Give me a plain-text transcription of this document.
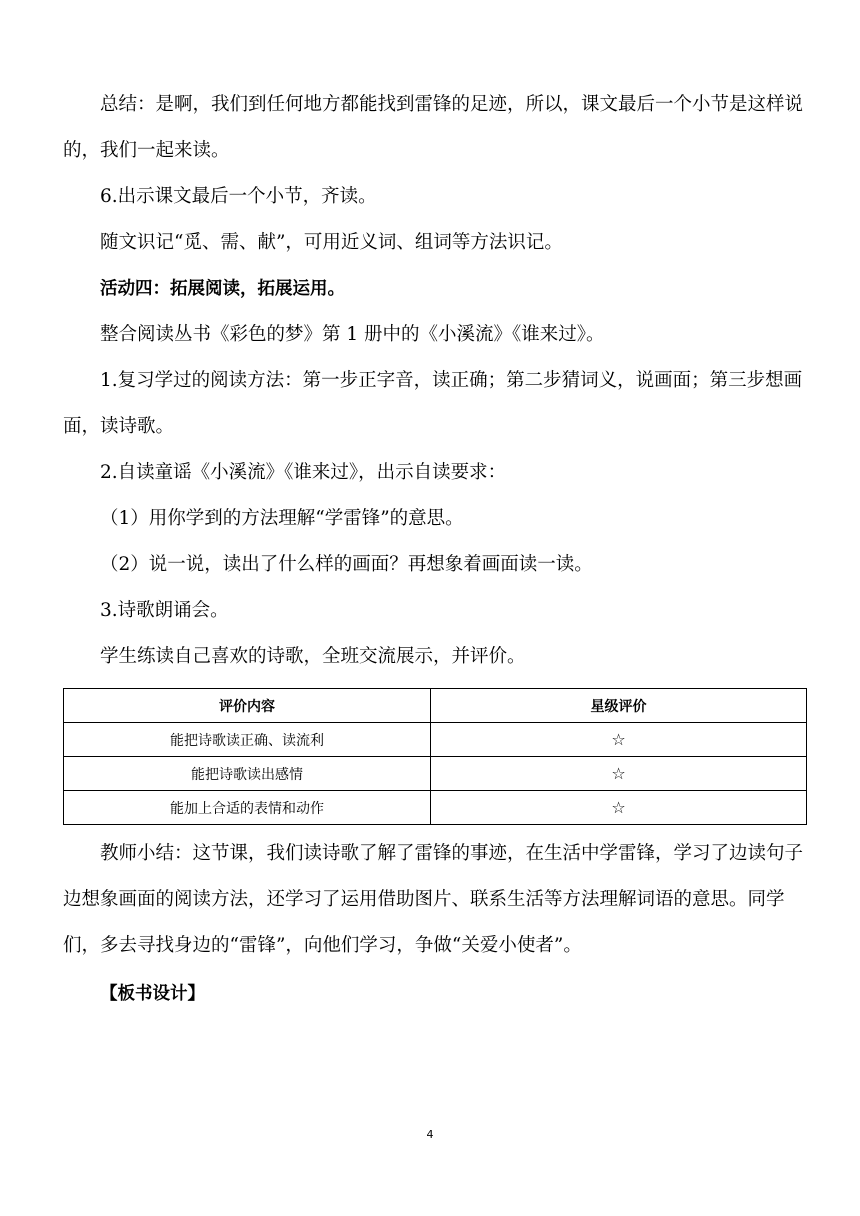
总结：是啊，我们到任何地方都能找到雷锋的足迹，所以，课文最后一个小节是这样说的，我们一起来读。

6.出示课文最后一个小节，齐读。

随文识记“觅、需、献”，可用近义词、组词等方法识记。

活动四：拓展阅读，拓展运用。

整合阅读丛书《彩色的梦》第 1 册中的《小溪流》《谁来过》。

1.复习学过的阅读方法：第一步正字音，读正确；第二步猜词义，说画面；第三步想画面，读诗歌。

2.自读童谣《小溪流》《谁来过》，出示自读要求：

（1）用你学到的方法理解“学雷锋”的意思。

（2）说一说，读出了什么样的画面？再想象着画面读一读。

3.诗歌朗诵会。

学生练读自己喜欢的诗歌，全班交流展示，并评价。

评价内容	星级评价
能把诗歌读正确、读流利	☆
能把诗歌读出感情	☆
能加上合适的表情和动作	☆

教师小结：这节课，我们读诗歌了解了雷锋的事迹，在生活中学雷锋，学习了边读句子边想象画面的阅读方法，还学习了运用借助图片、联系生活等方法理解词语的意思。同学们，多去寻找身边的“雷锋”，向他们学习，争做“关爱小使者”。

【板书设计】
4
